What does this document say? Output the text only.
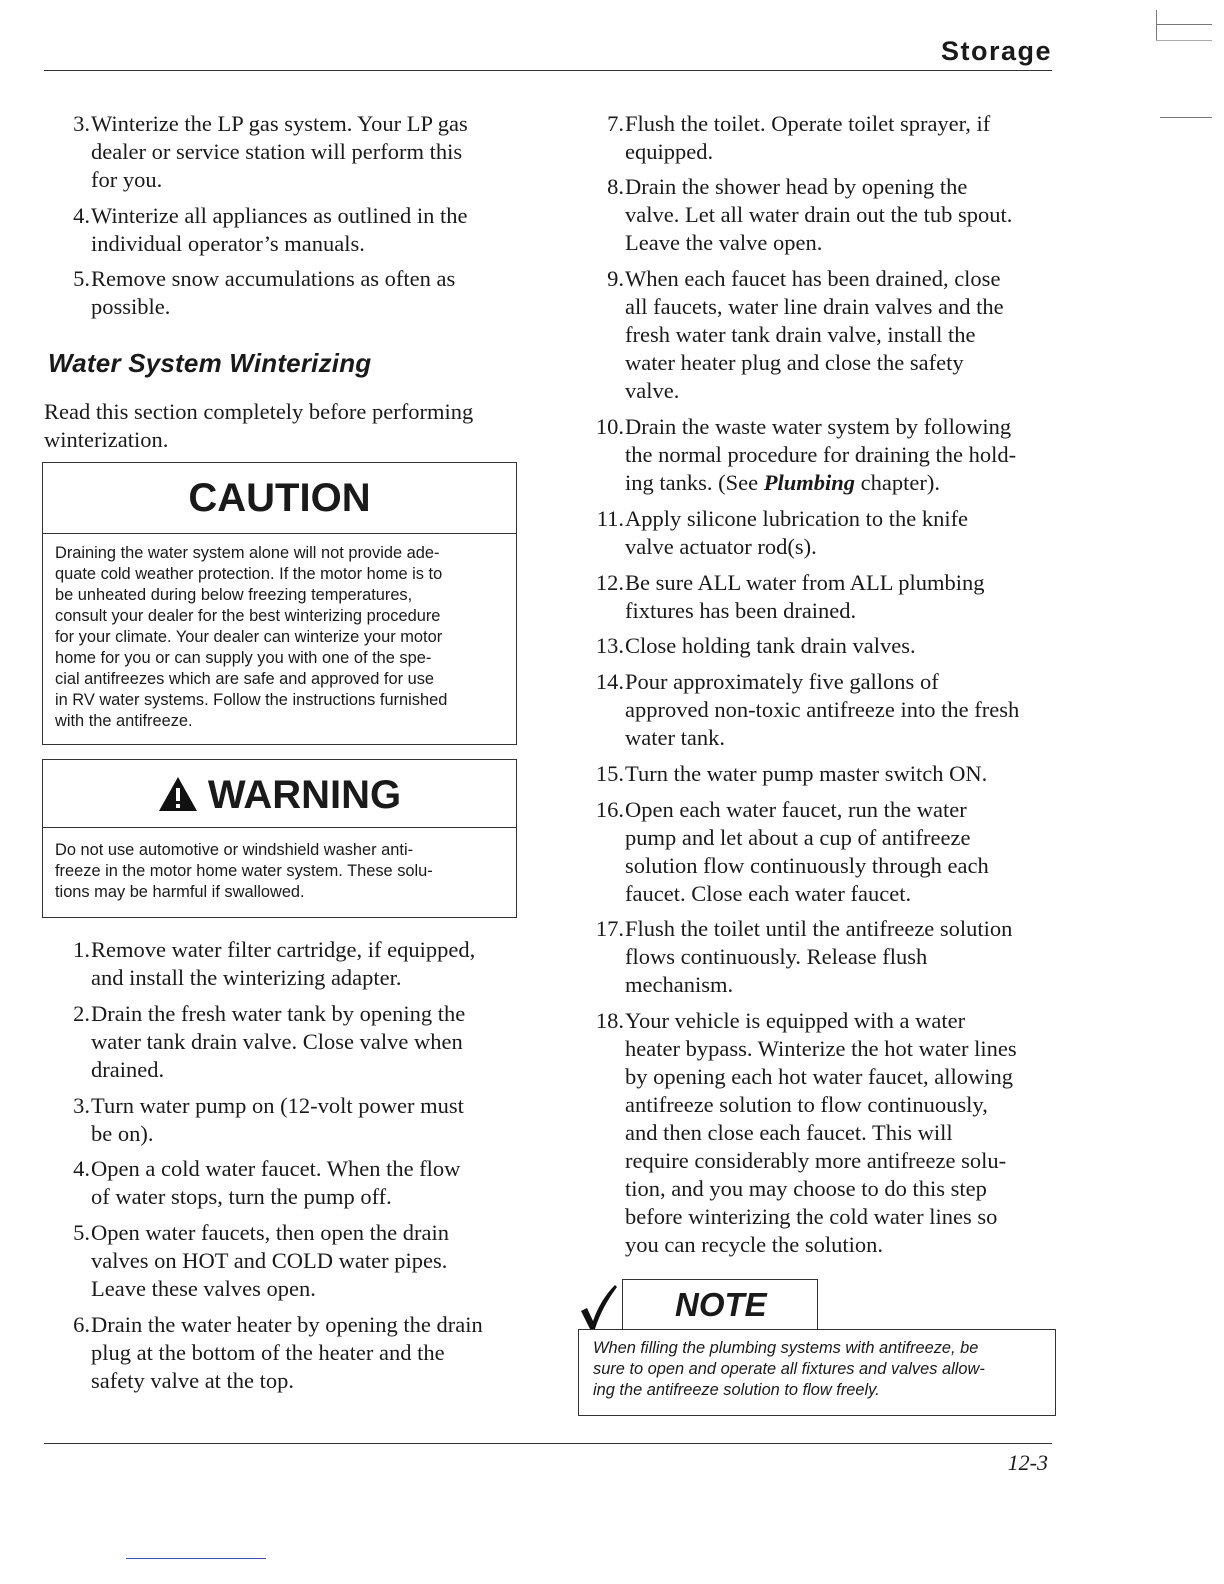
Storage
3. Winterize the LP gas system. Your LP gas
dealer or service station will perform this
for you.
4. Winterize all appliances as outlined in the
individual operator’s manuals.
5. Remove snow accumulations as often as
possible.
Water System Winterizing
Read this section completely before performing
winterization.
CAUTION
Draining the water system alone will not provide ade-
quate cold weather protection. If the motor home is to
be unheated during below freezing temperatures,
consult your dealer for the best winterizing procedure
for your climate. Your dealer can winterize your motor
home for you or can supply you with one of the spe-
cial antifreezes which are safe and approved for use
in RV water systems. Follow the instructions furnished
with the antifreeze.
WARNING
Do not use automotive or windshield washer anti-
freeze in the motor home water system. These solu-
tions may be harmful if swallowed.
1. Remove water filter cartridge, if equipped,
and install the winterizing adapter.
2. Drain the fresh water tank by opening the
water tank drain valve. Close valve when
drained.
3. Turn water pump on (12-volt power must
be on).
4. Open a cold water faucet. When the flow
of water stops, turn the pump off.
5. Open water faucets, then open the drain
valves on HOT and COLD water pipes.
Leave these valves open.
6. Drain the water heater by opening the drain
plug at the bottom of the heater and the
safety valve at the top.
7. Flush the toilet. Operate toilet sprayer, if
equipped.
8. Drain the shower head by opening the
valve. Let all water drain out the tub spout.
Leave the valve open.
9. When each faucet has been drained, close
all faucets, water line drain valves and the
fresh water tank drain valve, install the
water heater plug and close the safety
valve.
10. Drain the waste water system by following
the normal procedure for draining the hold-
ing tanks. (See Plumbing chapter).
11. Apply silicone lubrication to the knife
valve actuator rod(s).
12. Be sure ALL water from ALL plumbing
fixtures has been drained.
13. Close holding tank drain valves.
14. Pour approximately five gallons of
approved non-toxic antifreeze into the fresh
water tank.
15. Turn the water pump master switch ON.
16. Open each water faucet, run the water
pump and let about a cup of antifreeze
solution flow continuously through each
faucet. Close each water faucet.
17. Flush the toilet until the antifreeze solution
flows continuously. Release flush
mechanism.
18. Your vehicle is equipped with a water
heater bypass. Winterize the hot water lines
by opening each hot water faucet, allowing
antifreeze solution to flow continuously,
and then close each faucet. This will
require considerably more antifreeze solu-
tion, and you may choose to do this step
before winterizing the cold water lines so
you can recycle the solution.
NOTE
When filling the plumbing systems with antifreeze, be
sure to open and operate all fixtures and valves allow-
ing the antifreeze solution to flow freely.
12-3
